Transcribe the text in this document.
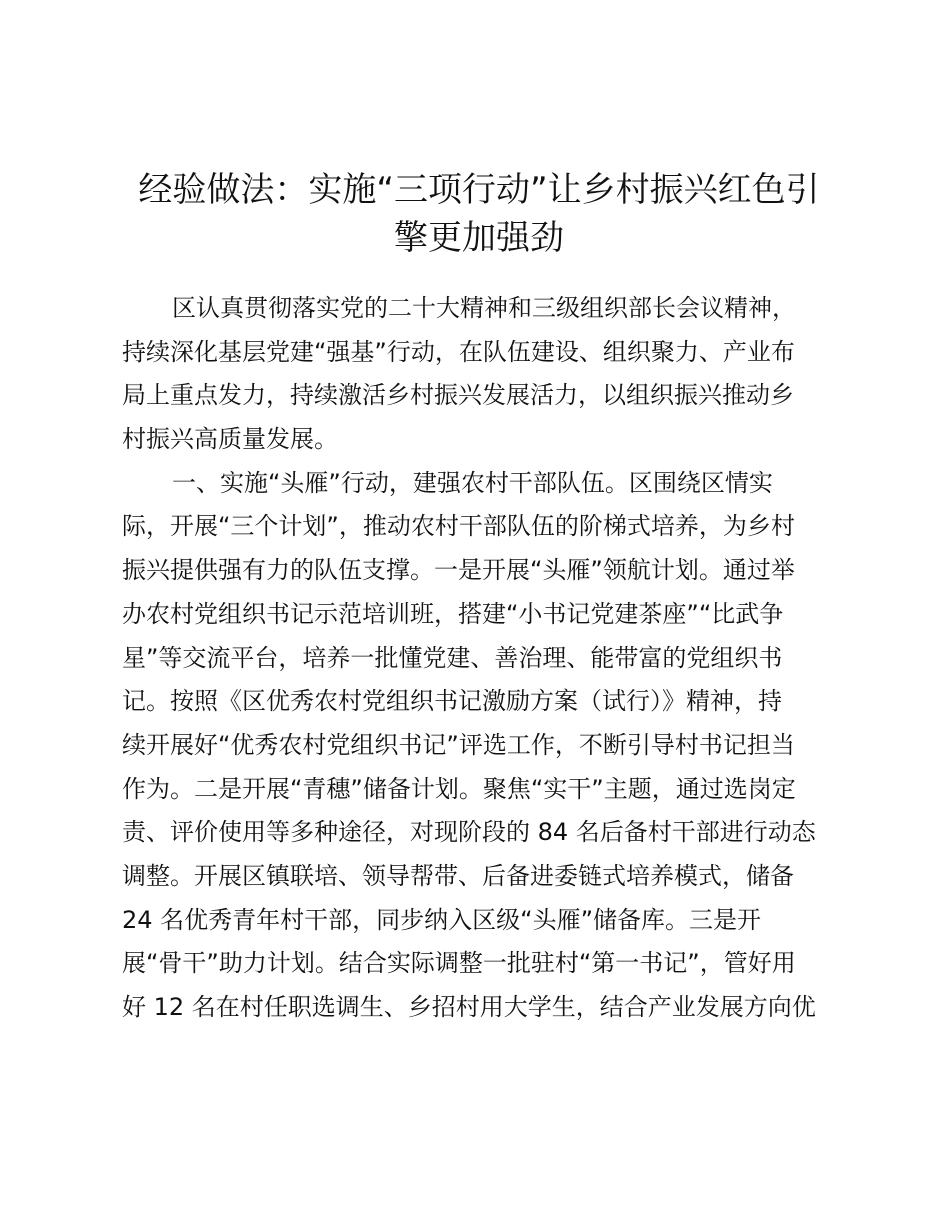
经验做法：实施“三项行动”让乡村振兴红色引
擎更加强劲
区认真贯彻落实党的二十大精神和三级组织部长会议精神，
持续深化基层党建“强基”行动，在队伍建设、组织聚力、产业布
局上重点发力，持续激活乡村振兴发展活力，以组织振兴推动乡
村振兴高质量发展。
一、实施“头雁”行动，建强农村干部队伍。区围绕区情实
际，开展“三个计划”，推动农村干部队伍的阶梯式培养，为乡村
振兴提供强有力的队伍支撑。一是开展“头雁”领航计划。通过举
办农村党组织书记示范培训班，搭建“小书记党建茶座”“比武争
星”等交流平台，培养一批懂党建、善治理、能带富的党组织书
记。按照《区优秀农村党组织书记激励方案（试行）》精神，持
续开展好“优秀农村党组织书记”评选工作，不断引导村书记担当
作为。二是开展“青穗”储备计划。聚焦“实干”主题，通过选岗定
责、评价使用等多种途径，对现阶段的 84 名后备村干部进行动态
调整。开展区镇联培、领导帮带、后备进委链式培养模式，储备
24 名优秀青年村干部，同步纳入区级“头雁”储备库。三是开
展“骨干”助力计划。结合实际调整一批驻村“第一书记”，管好用
好 12 名在村任职选调生、乡招村用大学生，结合产业发展方向优
